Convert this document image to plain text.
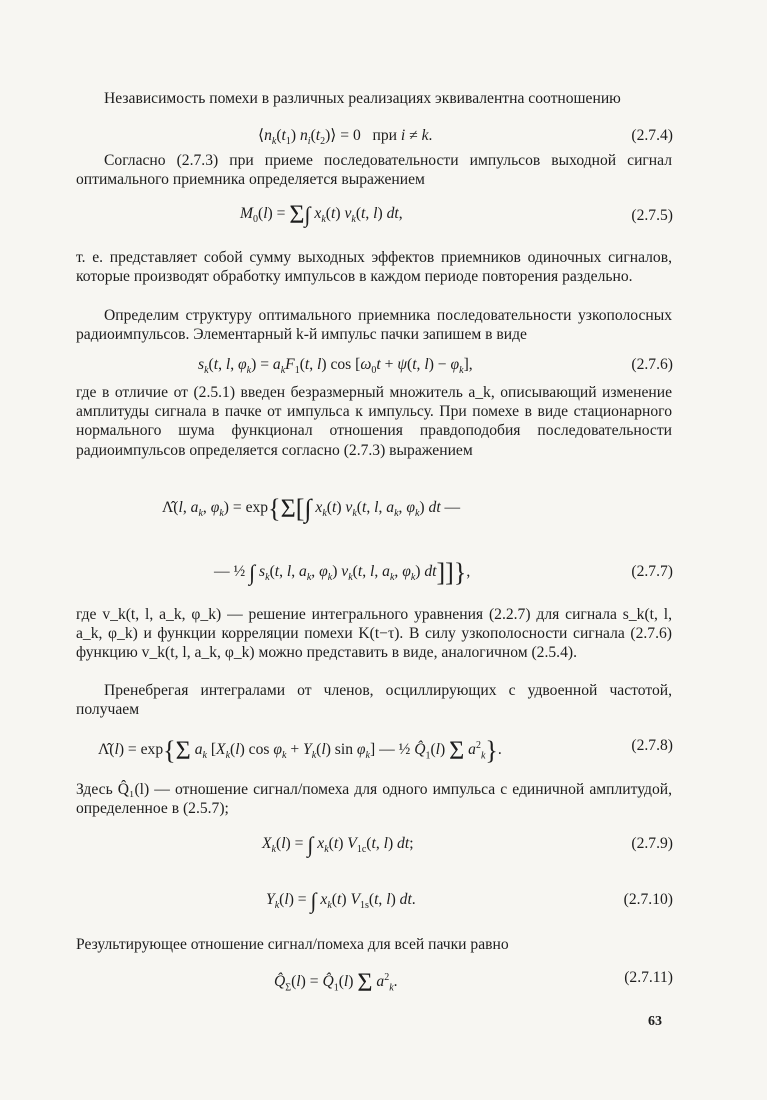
Независимость помехи в различных реализациях эквивалентна соотношению

$⟨n_k(t_1)$ $n_i(t_2)⟩ = 0$   при i ≠ k.	(2.7.4)

Согласно (2.7.3) при приеме последовательности импульсов выходной сигнал оптимального приемника определяется выражением

$M_0(l) = \Sigma\int$ $x_k(t)$ $v_k(t$, l) dt,	(2.7.5)

т. е. представляет собой сумму выходных эффектов приемников одиночных сигналов, которые производят обработку импульсов в каждом периоде повторения раздельно.

Определим структуру оптимального приемника последовательности узкополосных радиоимпульсов. Элементарный k-й импульс пачки запишем в виде

$s_k(t$, l, $\varphi_k) = a_kF_1(t$, l) $\cos [\omega_0t + \psi(t$, $l) - \varphi_k$],	(2.7.6)

где в отличие от (2.5.1) введен безразмерный множитель a_k, описывающий изменение амплитуды сигнала в пачке от импульса к импульсу. При помехе в виде стационарного нормального шума функционал отношения правдоподобия последовательности радиоимпульсов определяется согласно (2.7.3) выражением

Λ̂(l, $a_k$, $\varphi_k) = \exp\{\Sigma[\int$ $x_k(t)$ $v_k(t$, l, $a_k$, $\varphi_k$) dt —
— ½ ∫ $s_k(t$, l, $a_k$, $\varphi_k$) $v_k(t$, l, $a_k$, $\varphi_k$) dt]]},	(2.7.7)

где v_k(t, l, a_k, φ_k) — решение интегрального уравнения (2.2.7) для сигнала s_k(t, l, a_k, φ_k) и функции корреляции помехи K(t−τ). В силу узкополосности сигнала (2.7.6) функцию v_k(t, l, a_k, φ_k) можно представить в виде, аналогичном (2.5.4).

Пренебрегая интегралами от членов, осциллирующих с удвоенной частотой, получаем

Λ̂(l) = exp{Σ $a_k$ [$X_k(l)$ $\cos \varphi_k + Y_k(l)$ $\sin \varphi_k$] — ½ $Q̂_1(l)$ Σ $a^2_k$}.	(2.7.8)

Здесь Q̂₁(l) — отношение сигнал/помеха для одного импульса с единичной амплитудой, определенное в (2.5.7);

$X_k(l)$ = ∫ $x_k(t)$ $V_{1c}(t$, l) dt;	(2.7.9)
$Y_k(l)$ = ∫ $x_k(t)$ $V_{1s}(t$, l) dt.	(2.7.10)

Результирующее отношение сигнал/помеха для всей пачки равно

$Q̂_\Sigma(l)$ = $Q̂_1(l)$ Σ $a^2_k$.	(2.7.11)
63
